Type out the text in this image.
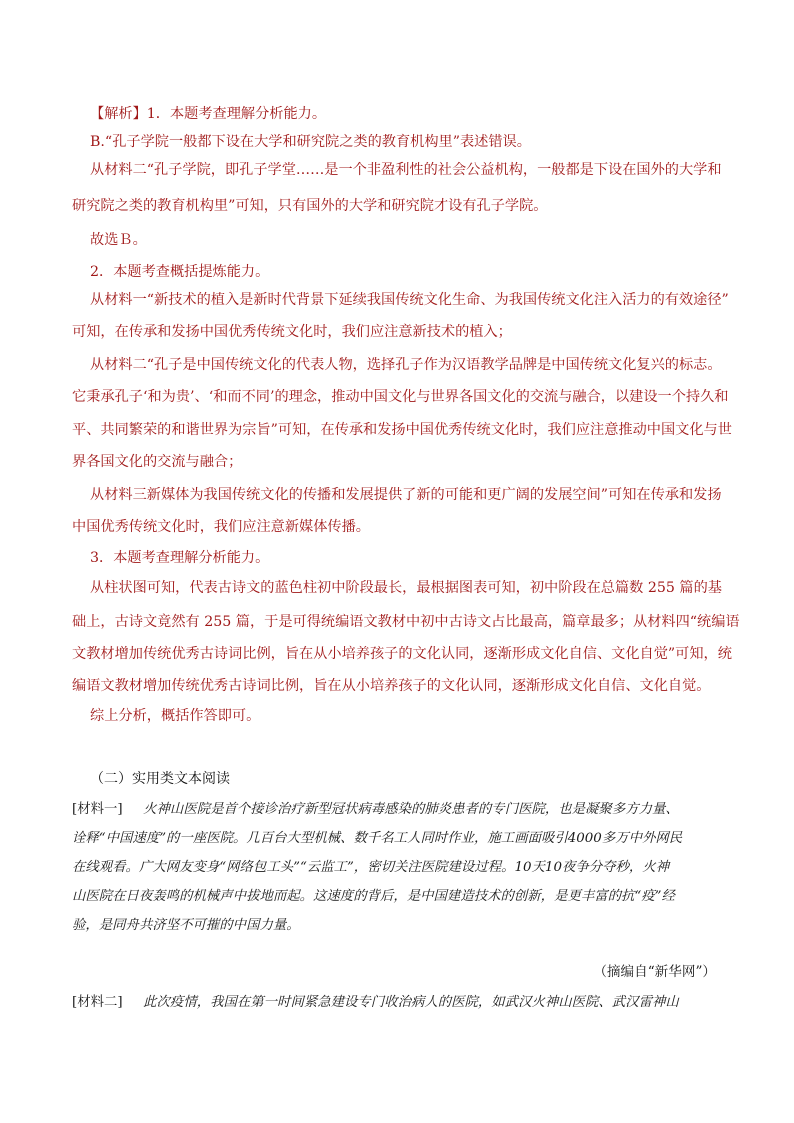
【解析】1．本题考查理解分析能力。
B.“孔子学院一般都下设在大学和研究院之类的教育机构里”表述错误。
从材料二“孔子学院，即孔子学堂……是一个非盈利性的社会公益机构，一般都是下设在国外的大学和
研究院之类的教育机构里”可知，只有国外的大学和研究院才设有孔子学院。
故选Ｂ。
2．本题考查概括提炼能力。
从材料一“新技术的植入是新时代背景下延续我国传统文化生命、为我国传统文化注入活力的有效途径”
可知，在传承和发扬中国优秀传统文化时，我们应注意新技术的植入；
从材料二“孔子是中国传统文化的代表人物，选择孔子作为汉语教学品牌是中国传统文化复兴的标志。
它秉承孔子‘和为贵’、‘和而不同’的理念，推动中国文化与世界各国文化的交流与融合，以建设一个持久和
平、共同繁荣的和谐世界为宗旨”可知，在传承和发扬中国优秀传统文化时，我们应注意推动中国文化与世
界各国文化的交流与融合；
从材料三新媒体为我国传统文化的传播和发展提供了新的可能和更广阔的发展空间”可知在传承和发扬
中国优秀传统文化时，我们应注意新媒体传播。
3．本题考查理解分析能力。
从柱状图可知，代表古诗文的蓝色柱初中阶段最长，最根据图表可知，初中阶段在总篇数 255 篇的基
础上，古诗文竟然有 255 篇，于是可得统编语文教材中初中古诗文占比最高，篇章最多；从材料四“统编语
文教材增加传统优秀古诗词比例，旨在从小培养孩子的文化认同，逐渐形成文化自信、文化自觉”可知，统
编语文教材增加传统优秀古诗词比例，旨在从小培养孩子的文化认同，逐渐形成文化自信、文化自觉。
综上分析，概括作答即可。
（二）实用类文本阅读
[材料一] 火神山医院是首个接诊治疗新型冠状病毒感染的肺炎患者的专门医院，也是凝聚多方力量、
诠释“中国速度”的一座医院。几百台大型机械、数千名工人同时作业，施工画面吸引4000多万中外网民
在线观看。广大网友变身“网络包工头”“云监工”，密切关注医院建设过程。10天10夜争分夺秒，火神
山医院在日夜轰鸣的机械声中拔地而起。这速度的背后，是中国建造技术的创新，是更丰富的抗“疫”经
验，是同舟共济坚不可摧的中国力量。
（摘编自“新华网”）
[材料二] 此次疫情，我国在第一时间紧急建设专门收治病人的医院，如武汉火神山医院、武汉雷神山
